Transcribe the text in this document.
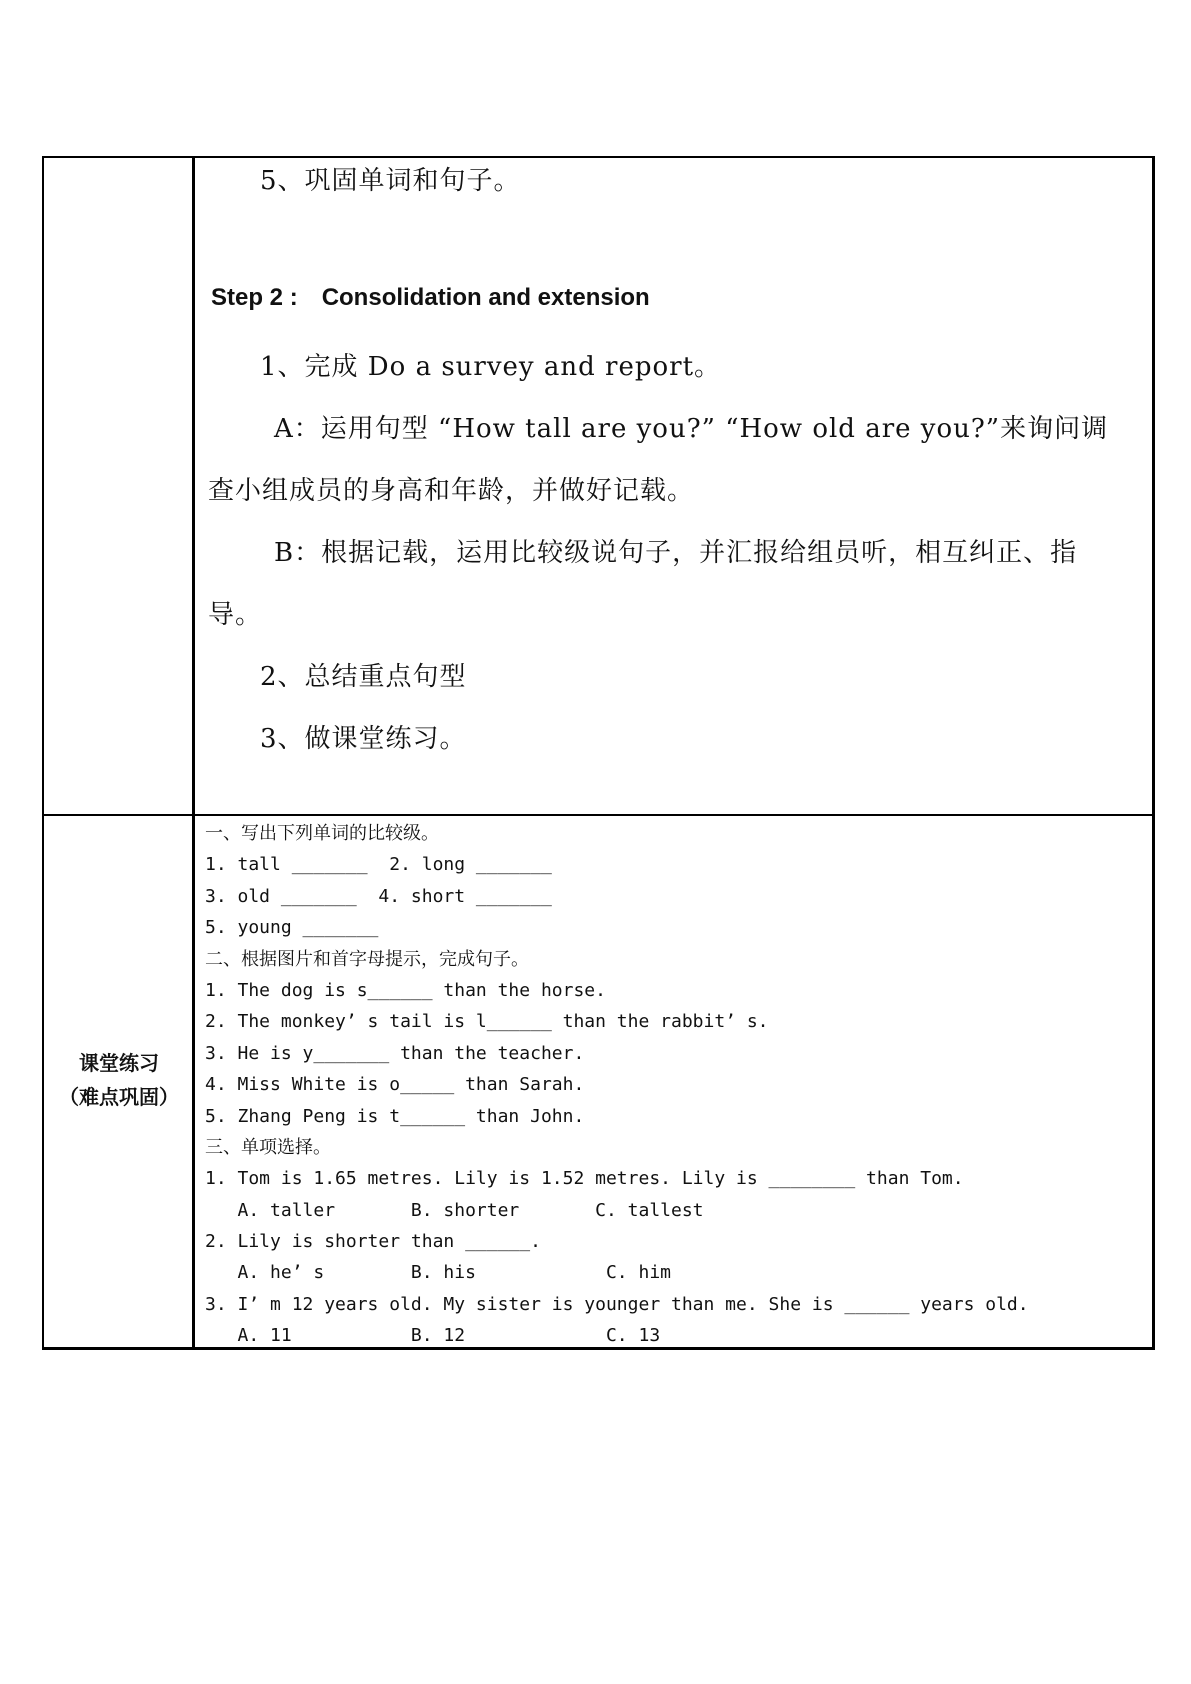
5、巩固单词和句子。
Step 2 : Consolidation and extension
1、完成 Do a survey and report。
A：运用句型 “How tall are you?” “How old are you?”来询问调
查小组成员的身高和年龄，并做好记载。
B：根据记载，运用比较级说句子，并汇报给组员听，相互纠正、指
导。
2、总结重点句型
3、做课堂练习。
课堂练习
（难点巩固）
一、写出下列单词的比较级。
1. tall _______  2. long _______
3. old _______  4. short _______
5. young _______
二、根据图片和首字母提示，完成句子。
1. The dog is s______ than the horse.
2. The monkey’ s tail is l______ than the rabbit’ s.
3. He is y_______ than the teacher.
4. Miss White is o_____ than Sarah.
5. Zhang Peng is t______ than John.
三、单项选择。
1. Tom is 1.65 metres. Lily is 1.52 metres. Lily is ________ than Tom.
A. taller       B. shorter       C. tallest
2. Lily is shorter than ______.
A. he’ s        B. his            C. him
3. I’ m 12 years old. My sister is younger than me. She is ______ years old.
A. 11           B. 12             C. 13
